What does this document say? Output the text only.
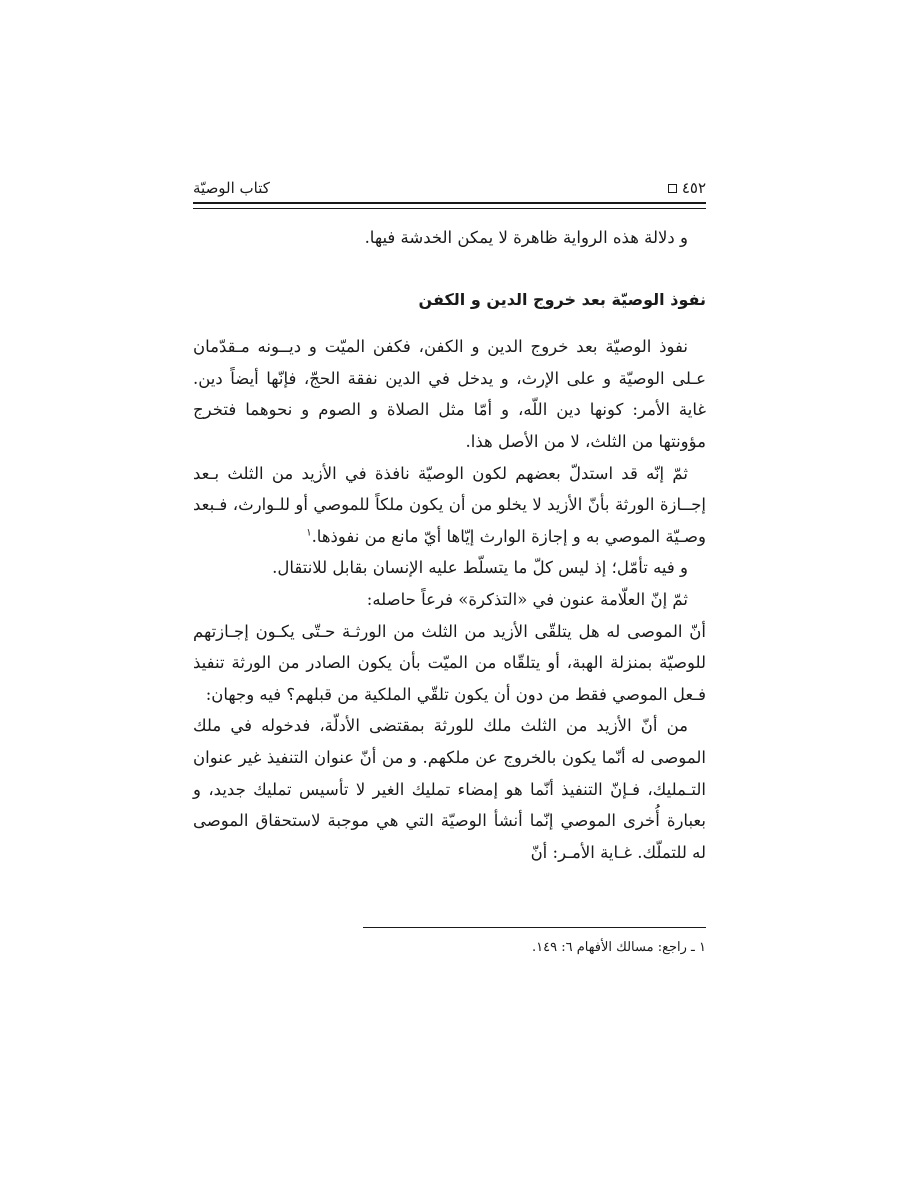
٤٥٢
كتاب الوصيّة

و دلالة هذه الرواية ظاهرة لا يمكن الخدشة فيها.

نفوذ الوصيّة بعد خروج الدين و الكفن

نفوذ الوصيّة بعد خروج الدين و الكفن، فكفن الميّت و ديــونه مـقدّمان عـلى الوصيّة و على الإرث، و يدخل في الدين نفقة الحجّ، فإنّها أيضاً دين. غاية الأمر: كونها دين اللّه، و أمّا مثل الصلاة و الصوم و نحوهما فتخرج مؤونتها من الثلث، لا من الأصل هذا.

ثمّ إنّه قد استدلّ بعضهم لكون الوصيّة نافذة في الأزيد من الثلث بـعد إجــازة الورثة بأنّ الأزيد لا يخلو من أن يكون ملكاً للموصي أو للـوارث، فـبعد وصـيّة الموصي به و إجازة الوارث إيّاها أيّ مانع من نفوذها.$^١$

و فيه تأمّل؛ إذ ليس كلّ ما يتسلّط عليه الإنسان بقابل للانتقال.

ثمّ إنّ العلّامة عنون في «التذكرة» فرعاً حاصله:

أنّ الموصى له هل يتلقّى الأزيد من الثلث من الورثـة حـتّى يكـون إجـازتهم للوصيّة بمنزلة الهبة، أو يتلقّاه من الميّت بأن يكون الصادر من الورثة تنفيذ فـعل الموصي فقط من دون أن يكون تلقّي الملكية من قبلهم؟ فيه وجهان:

من أنّ الأزيد من الثلث ملك للورثة بمقتضى الأدلّة، فدخوله في ملك الموصى له أنّما يكون بالخروج عن ملكهم. و من أنّ عنوان التنفيذ غير عنوان التـمليك، فـإنّ التنفيذ أنّما هو إمضاء تمليك الغير لا تأسيس تمليك جديد، و بعبارة أُخرى الموصي إنّما أنشأ الوصيّة التي هي موجبة لاستحقاق الموصى له للتملّك. غـاية الأمـر: أنّ

١ ـ راجع: مسالك الأفهام ٦: ١٤٩.
